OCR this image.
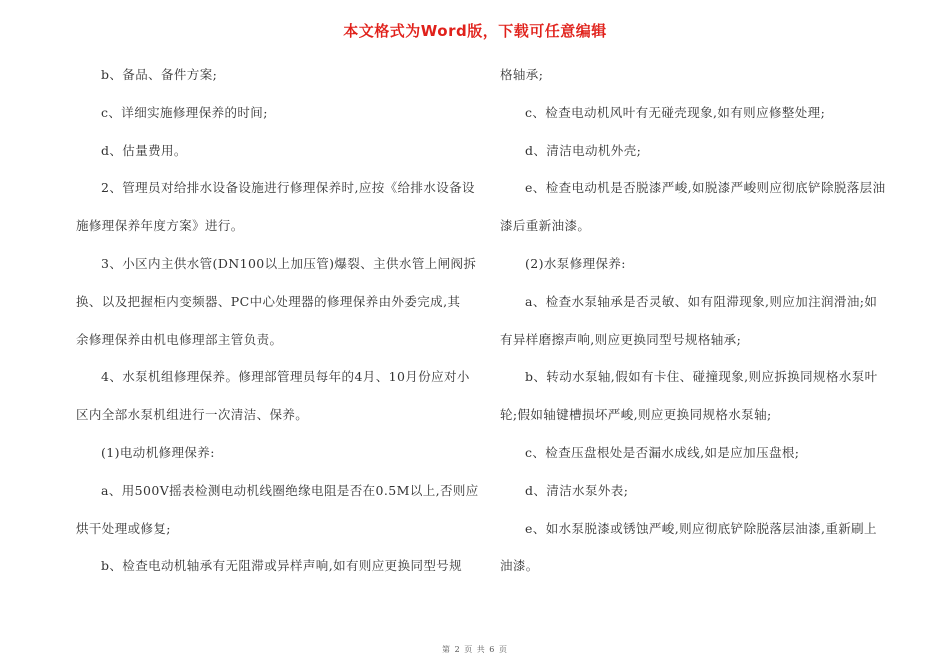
本文格式为Word版，下载可任意编辑
b、备品、备件方案;
c、详细实施修理保养的时间;
d、估量费用。
2、管理员对给排水设备设施进行修理保养时,应按《给排水设备设
施修理保养年度方案》进行。
3、小区内主供水管(DN100以上加压管)爆裂、主供水管上闸阀拆
换、以及把握柜内变频器、PC中心处理器的修理保养由外委完成,其
余修理保养由机电修理部主管负责。
4、水泵机组修理保养。修理部管理员每年的4月、10月份应对小
区内全部水泵机组进行一次清洁、保养。
(1)电动机修理保养:
a、用500V摇表检测电动机线圈绝缘电阻是否在0.5M以上,否则应
烘干处理或修复;
b、检查电动机轴承有无阻滞或异样声响,如有则应更换同型号规
格轴承;
c、检查电动机风叶有无碰壳现象,如有则应修整处理;
d、清洁电动机外壳;
e、检查电动机是否脱漆严峻,如脱漆严峻则应彻底铲除脱落层油
漆后重新油漆。
(2)水泵修理保养:
a、检查水泵轴承是否灵敏、如有阻滞现象,则应加注润滑油;如
有异样磨擦声响,则应更换同型号规格轴承;
b、转动水泵轴,假如有卡住、碰撞现象,则应拆换同规格水泵叶
轮;假如轴键槽损坏严峻,则应更换同规格水泵轴;
c、检查压盘根处是否漏水成线,如是应加压盘根;
d、清洁水泵外表;
e、如水泵脱漆或锈蚀严峻,则应彻底铲除脱落层油漆,重新刷上
油漆。
第 2 页 共 6 页
